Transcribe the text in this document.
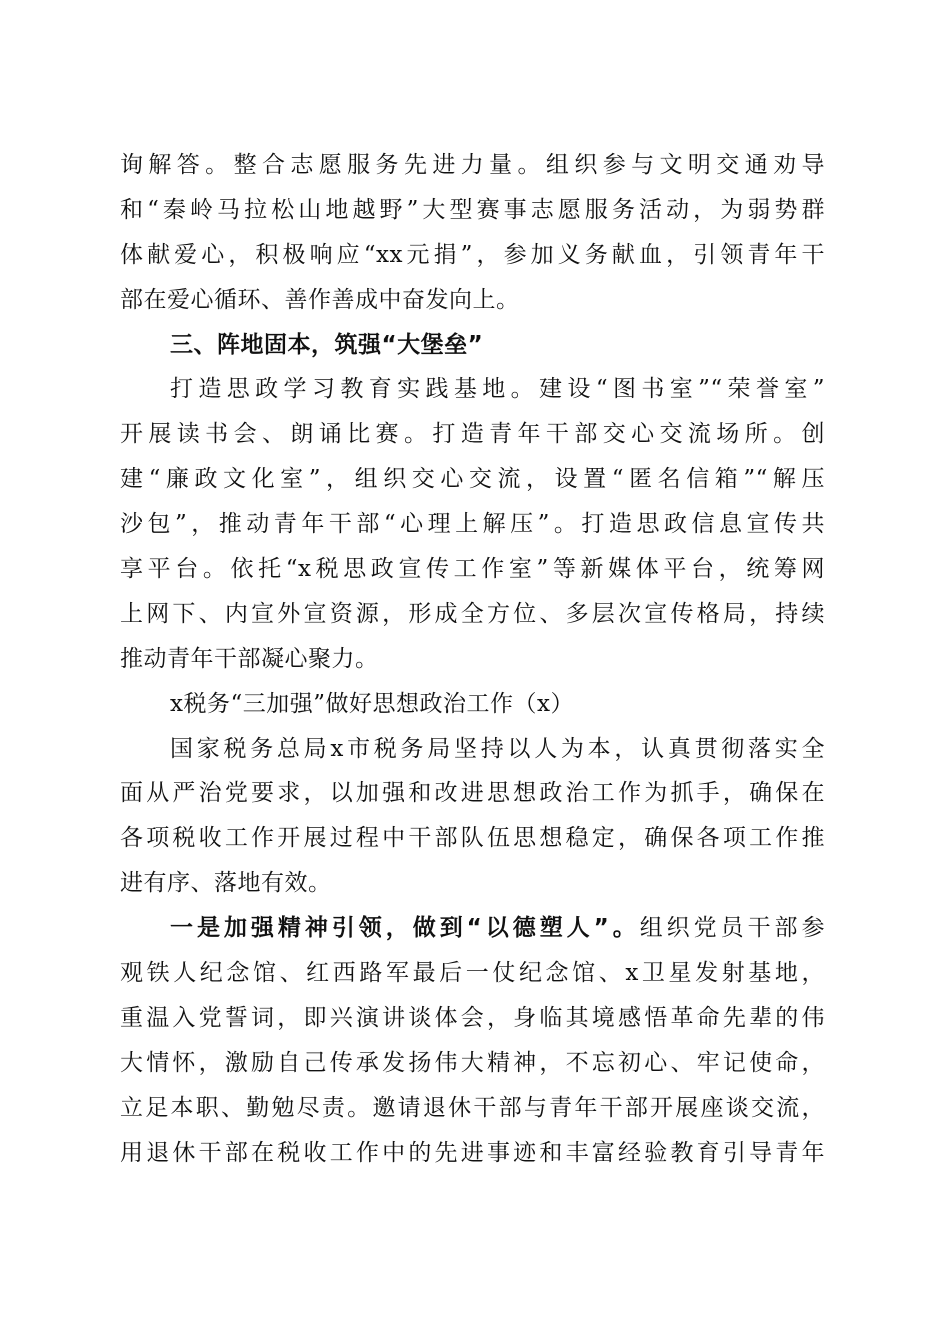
询解答。整合志愿服务先进力量。组织参与文明交通劝导
和“秦岭马拉松山地越野”大型赛事志愿服务活动，为弱势群
体献爱心，积极响应“xx元捐”，参加义务献血，引领青年干
部在爱心循环、善作善成中奋发向上。
三、阵地固本，筑强“大堡垒”
打造思政学习教育实践基地。建设“图书室”“荣誉室”
开展读书会、朗诵比赛。打造青年干部交心交流场所。创
建“廉政文化室”，组织交心交流，设置“匿名信箱”“解压
沙包”，推动青年干部“心理上解压”。打造思政信息宣传共
享平台。依托“x税思政宣传工作室”等新媒体平台，统筹网
上网下、内宣外宣资源，形成全方位、多层次宣传格局，持续
推动青年干部凝心聚力。
x税务“三加强”做好思想政治工作（x）
国家税务总局x市税务局坚持以人为本，认真贯彻落实全
面从严治党要求，以加强和改进思想政治工作为抓手，确保在
各项税收工作开展过程中干部队伍思想稳定，确保各项工作推
进有序、落地有效。
一是加强精神引领，做到“以德塑人”。组织党员干部参
观铁人纪念馆、红西路军最后一仗纪念馆、x卫星发射基地，
重温入党誓词，即兴演讲谈体会，身临其境感悟革命先辈的伟
大情怀，激励自己传承发扬伟大精神，不忘初心、牢记使命，
立足本职、勤勉尽责。邀请退休干部与青年干部开展座谈交流，
用退休干部在税收工作中的先进事迹和丰富经验教育引导青年
